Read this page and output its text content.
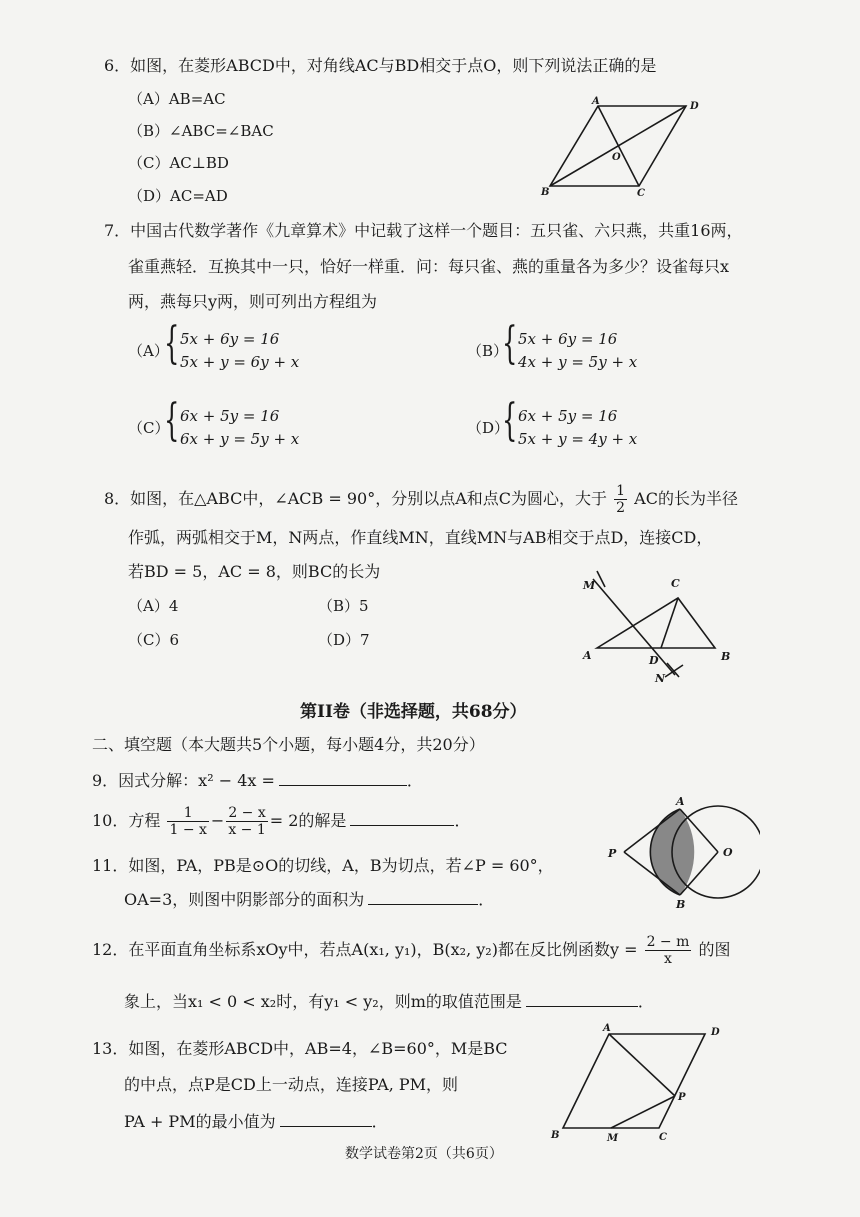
6．如图，在菱形ABCD中，对角线AC与BD相交于点O，则下列说法正确的是
（A）AB=AC
（B）∠ABC=∠BAC
（C）AC⊥BD
（D）AC=AD
A	D
B	C
O
7．中国古代数学著作《九章算术》中记载了这样一个题目：五只雀、六只燕，共重16两，
雀重燕轻．互换其中一只，恰好一样重．问：每只雀、燕的重量各为多少？设雀每只x
两，燕每只y两，则可列出方程组为
（A）
{ 5x + 6y = 16
5x + y = 6y + x
（B）
{ 5x + 6y = 16
4x + y = 5y + x
（C）
{ 6x + 5y = 16
6x + y = 5y + x
（D）
{ 6x + 5y = 16
5x + y = 4y + x
8．如图，在△ABC中，∠ACB = 90°，分别以点A和点C为圆心，大于 $\frac{1}{2}$ AC的长为半径
作弧，两弧相交于M，N两点，作直线MN，直线MN与AB相交于点D，连接CD，
若BD = 5，AC = 8，则BC的长为
（A）4	（B）5
（C）6	（D）7
M	C
A	D	B
N
第II卷（非选择题，共68分）
二、填空题（本大题共5个小题，每小题4分，共20分）
9．因式分解：x² − 4x =	．
10．方程 $\frac{1}{1 - x} - \frac{2 - x}{x - 1} = 2$的解是	．
11．如图，PA，PB是⊙O的切线，A，B为切点，若∠P = 60°，
OA=3，则图中阴影部分的面积为	．
A
P	O
B
12．在平面直角坐标系xOy中，若点A(x₁, y₁)，B(x₂, y₂)都在反比例函数$y = \frac{2 - m}{x}$ 的图
象上，当x₁ < 0 < x₂时，有y₁ < y₂，则m的取值范围是	．
13．如图，在菱形ABCD中，AB=4，∠B=60°，M是BC
的中点，点P是CD上一动点，连接PA, PM，则
PA + PM的最小值为	．
A	D
P
B	M	C
数学试卷第2页（共6页）
